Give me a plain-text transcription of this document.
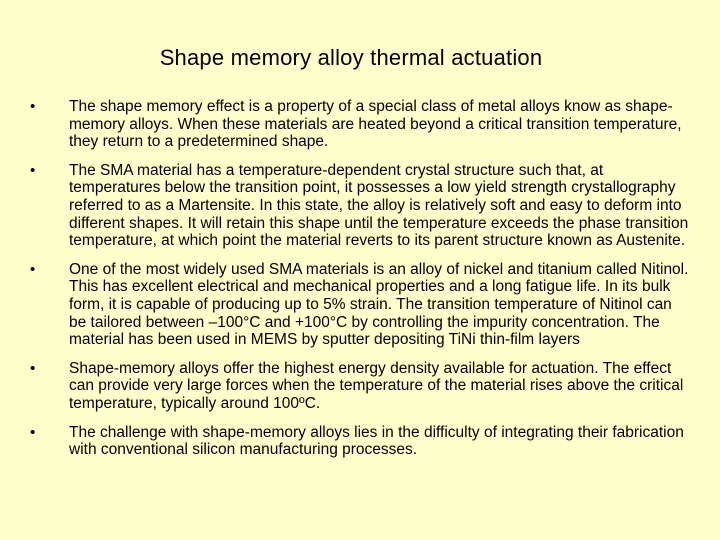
Shape memory alloy thermal actuation
•	The shape memory effect is a property of a special class of metal alloys know as shape-memory alloys. When these materials are heated beyond a critical transition temperature, they return to a predetermined shape.
•	The SMA material has a temperature-dependent crystal structure such that, at temperatures below the transition point, it possesses a low yield strength crystallography referred to as a Martensite. In this state, the alloy is relatively soft and easy to deform into different shapes. It will retain this shape until the temperature exceeds the phase transition temperature, at which point the material reverts to its parent structure known as Austenite.
•	One of the most widely used SMA materials is an alloy of nickel and titanium called Nitinol. This has excellent electrical and mechanical properties and a long fatigue life. In its bulk form, it is capable of producing up to 5% strain. The transition temperature of Nitinol can be tailored between –100°C and +100°C by controlling the impurity concentration. The material has been used in MEMS by sputter depositing TiNi thin-film layers
•	Shape-memory alloys offer the highest energy density available for actuation. The effect can provide very large forces when the temperature of the material rises above the critical temperature, typically around 100ºC.
•	The challenge with shape-memory alloys lies in the difficulty of integrating their fabrication with conventional silicon manufacturing processes.
